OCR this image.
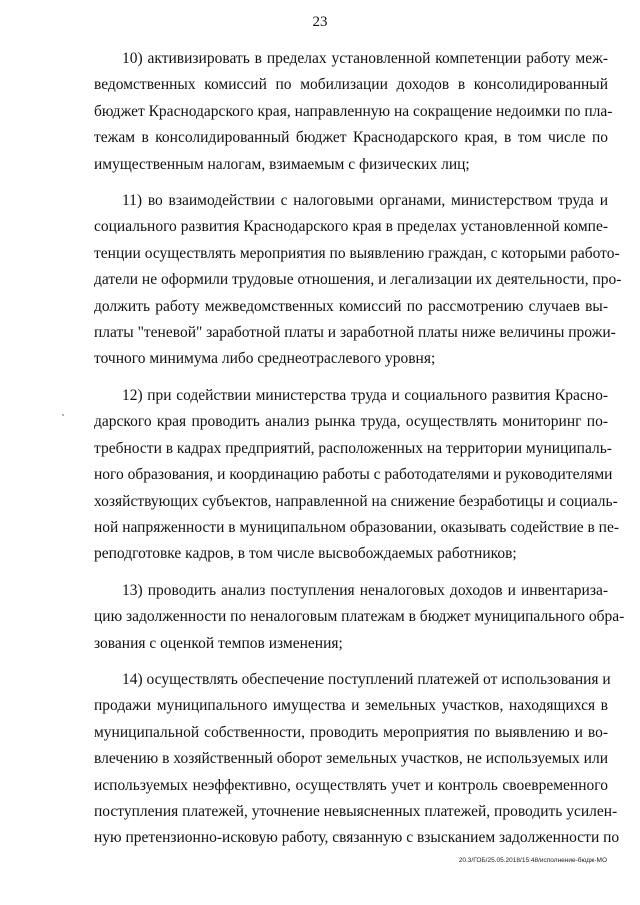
23
10) активизировать в пределах установленной компетенции работу меж-
ведомственных комиссий по мобилизации доходов в консолидированный
бюджет Краснодарского края, направленную на сокращение недоимки по пла-
тежам в консолидированный бюджет Краснодарского края, в том числе по
имущественным налогам, взимаемым с физических лиц;
11) во взаимодействии с налоговыми органами, министерством труда и
социального развития Краснодарского края в пределах установленной компе-
тенции осуществлять мероприятия по выявлению граждан, с которыми работо-
датели не оформили трудовые отношения, и легализации их деятельности, про-
должить работу межведомственных комиссий по рассмотрению случаев вы-
платы "теневой" заработной платы и заработной платы ниже величины прожи-
точного минимума либо среднеотраслевого уровня;
12) при содействии министерства труда и социального развития Красно-
дарского края проводить анализ рынка труда, осуществлять мониторинг по-
требности в кадрах предприятий, расположенных на территории муниципаль-
ного образования, и координацию работы с работодателями и руководителями
хозяйствующих субъектов, направленной на снижение безработицы и социаль-
ной напряженности в муниципальном образовании, оказывать содействие в пе-
реподготовке кадров, в том числе высвобождаемых работников;
13) проводить анализ поступления неналоговых доходов и инвентариза-
цию задолженности по неналоговым платежам в бюджет муниципального обра-
зования с оценкой темпов изменения;
14) осуществлять обеспечение поступлений платежей от использования и
продажи муниципального имущества и земельных участков, находящихся в
муниципальной собственности, проводить мероприятия по выявлению и во-
влечению в хозяйственный оборот земельных участков, не используемых или
используемых неэффективно, осуществлять учет и контроль своевременного
поступления платежей, уточнение невыясненных платежей, проводить усилен-
ную претензионно-исковую работу, связанную с взысканием задолженности по
20.3/ГОБ/25.05.2018/15:48/исполнение-бюдж-МО
